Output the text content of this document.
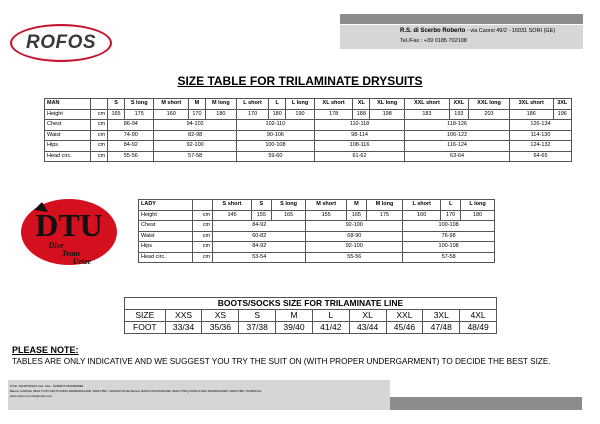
ROFOS
R.S. di Scerbo Roberto - via Caorsi 49/2 - 16031 SORI (GE)
Tel./Fax : +39 0185 702108
SIZE TABLE FOR TRILAMINATE DRYSUITS
MAN		S	S long	M short	M	M long	L short	L	L long	XL short	XL	XL long	XXL short	XXL	XXL long	3XL short	3XL
Height	cm	165	175	160	170	180	170	180	190	178	188	198	183	193	203	186	196
Chest	cm	86-94		94-102			102-110			110-118			118-126			126-134	
Waist	cm	74-90		82-98			90-106			98-114			106-122			114-130	
Hips	cm	84-92		92-100			100-108			108-116			116-124			124-132	
Head circ.	cm	55-56		57-58			59-60			61-62			63-64			64-65	
LADY		S short	S	S long	M short	M	M long	L short	L	L long
Height	cm	145	155	165	155	165	175	160	170	180
Chest	cm	84-92			92-100			100-108		
Waist	cm	60-82			68-90			76-98		
Hips	cm	84-92			92-100			100-108		
Head circ.	cm	53-54			55-56			57-58		
DTU
Dive
Team
Uetze
BOOTS/SOCKS SIZE FOR TRILAMINATE LINE									
SIZE	XXS	XS	S	M	L	XL	XXL	3XL	4XL
FOOT	33/34	35/36	37/38	39/40	41/42	43/44	45/46	47/48	48/49
PLEASE NOTE:
TABLES ARE ONLY INDICATIVE AND WE SUGGEST YOU TRY THE SUIT ON (WITH PROPER UNDERGARMENT) TO DECIDE THE BEST SIZE.
P.IVA: 03118730103 Cod. Fisc.: SCRRRT70H04D969E
Banca: CARIGE, IBAN IT47O 06175 32160 000000461410E, SWIFT/BIC: CRGEITGG162 Banca: BANCA PASSADORE, IBAN IT66Q 03332 01404 000000612900, SWIFT/BIC: PASBITGG
www.rofos.com info@rofos.com
